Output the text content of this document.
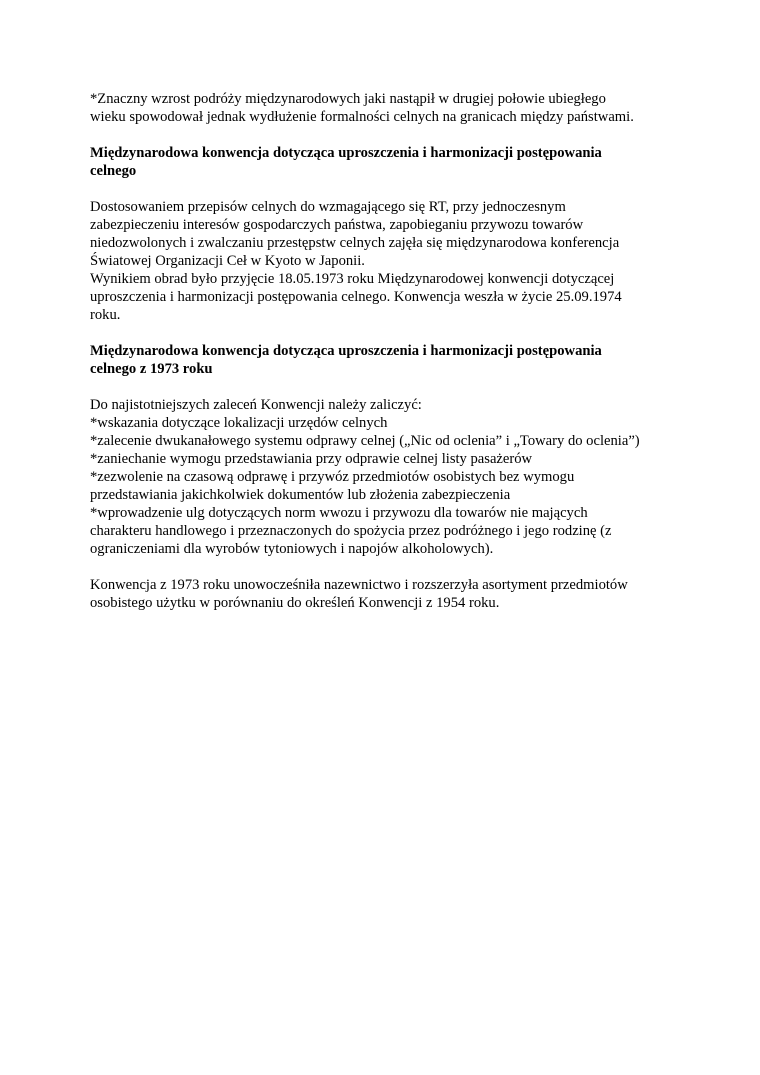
*Znaczny wzrost podróży międzynarodowych jaki nastąpił w drugiej połowie ubiegłego
wieku spowodował jednak wydłużenie formalności celnych na granicach między państwami.
Międzynarodowa konwencja dotycząca uproszczenia i harmonizacji postępowania
celnego
Dostosowaniem przepisów celnych do wzmagającego się RT, przy jednoczesnym
zabezpieczeniu interesów gospodarczych państwa, zapobieganiu przywozu towarów
niedozwolonych i zwalczaniu przestępstw celnych zajęła się międzynarodowa konferencja
Światowej Organizacji Ceł w Kyoto w Japonii.
Wynikiem obrad było przyjęcie 18.05.1973 roku Międzynarodowej konwencji dotyczącej
uproszczenia i harmonizacji postępowania celnego. Konwencja weszła w życie 25.09.1974
roku.
Międzynarodowa konwencja dotycząca uproszczenia i harmonizacji postępowania
celnego z 1973 roku
Do najistotniejszych zaleceń Konwencji należy zaliczyć:
*wskazania dotyczące lokalizacji urzędów celnych
*zalecenie dwukanałowego systemu odprawy celnej („Nic od oclenia” i „Towary do oclenia”)
*zaniechanie wymogu przedstawiania przy odprawie celnej listy pasażerów
*zezwolenie na czasową odprawę i przywóz przedmiotów osobistych bez wymogu
przedstawiania jakichkolwiek dokumentów lub złożenia zabezpieczenia
*wprowadzenie ulg dotyczących norm wwozu i przywozu dla towarów nie mających
charakteru handlowego i przeznaczonych do spożycia przez podróżnego i jego rodzinę (z
ograniczeniami dla wyrobów tytoniowych i napojów alkoholowych).
Konwencja z 1973 roku unowocześniła nazewnictwo i rozszerzyła asortyment przedmiotów
osobistego użytku w porównaniu do określeń Konwencji z 1954 roku.
